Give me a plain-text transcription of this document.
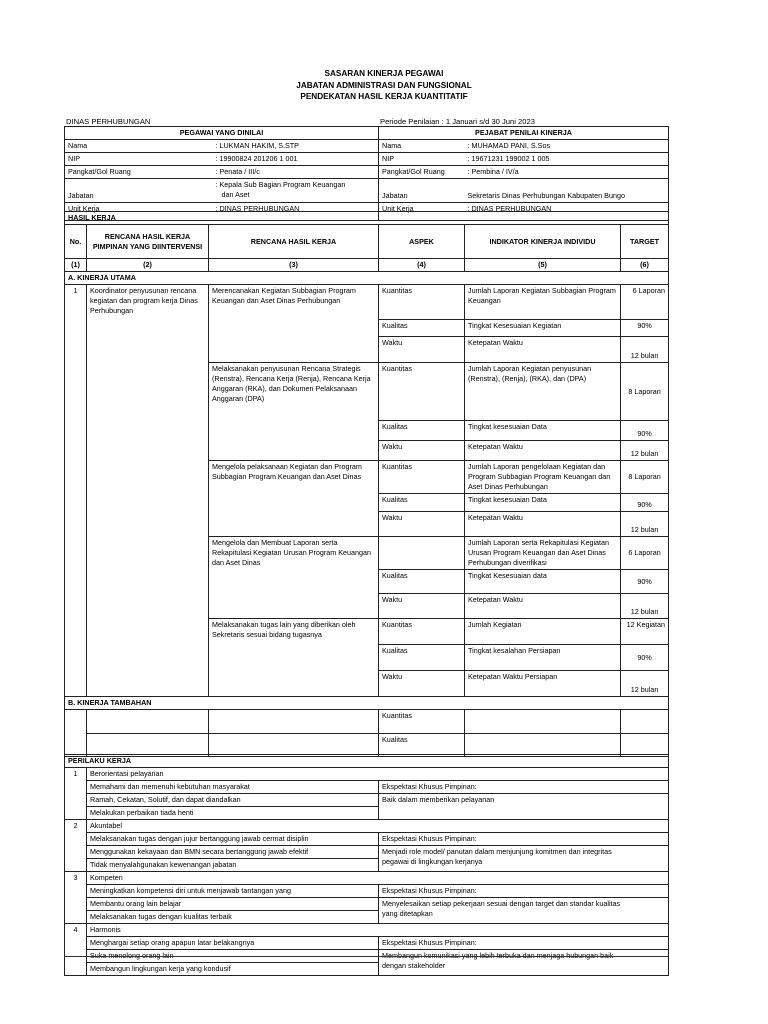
SASARAN KINERJA PEGAWAI
JABATAN ADMINISTRASI DAN FUNGSIONAL
PENDEKATAN HASIL KERJA KUANTITATIF
DINAS PERHUBUNGAN	Periode Penilaian : 1 Januari s/d 30 Juni 2023
PEGAWAI YANG DINILAI		PEJABAT PENILAI KINERJA	
Nama	: LUKMAN HAKIM, S.STP	Nama	: MUHAMAD PANI, S.Sos
NIP	: 19900824 201206 1 001	NIP	: 19671231 199002 1 005
Pangkat/Gol Ruang	: Penata / III/c	Pangkat/Gol Ruang	: Pembina / IV/a
Jabatan	: Kepala Sub Bagian Program Keuangan
dan Aset	Jabatan	Sekretaris Dinas Perhubungan Kabupaten Bungo
Unit Kerja	: DINAS PERHUBUNGAN	Unit Kerja	: DINAS PERHUBUNGAN
HASIL KERJA					
No.	RENCANA HASIL KERJA PIMPINAN YANG DIINTERVENSI	RENCANA HASIL KERJA	ASPEK	INDIKATOR KINERJA INDIVIDU	TARGET
(1)	(2)	(3)	(4)	(5)	(6)
A. KINERJA UTAMA					
1	Koordinator penyusunan rencana kegiatan dan program kerja Dinas Perhubungan	Merencanakan Kegiatan Subbagian Program Keuangan dan Aset Dinas Perhubungan	Kuantitas	Jumlah Laporan Kegiatan Subbagian Program Keuangan	6 Laporan
			Kualitas	Tingkat Kesesuaian Kegiatan	90%
			Waktu	Ketepatan Waktu	12 bulan
		Melaksanakan penyusunan Rencana Strategis (Renstra), Rencana Kerja (Renja), Rencana Kerja Anggaran (RKA), dan Dokumen Pelaksanaan Anggaran (DPA)	Kuantitas	Jumlah Laporan Kegiatan penyusunan (Renstra), (Renja), (RKA), dan (DPA)	8 Laporan
			Kualitas	Tingkat kesesuaian Data	90%
			Waktu	Ketepatan Waktu	12 bulan
		Mengelola pelaksanaan Kegiatan dan Program Subbagian Program Keuangan dan Aset Dinas	Kuantitas	Jumlah Laporan pengelolaan Kegiatan dan Program Subbagian Program Keuangan dan Aset Dinas Perhubungan	8 Laporan
			Kualitas	Tingkat kesesuaian Data	90%
			Waktu	Ketepatan Waktu	12 bulan
		Mengelola dan Membuat Laporan serta Rekapitulasi Kegiatan Urusan Program Keuangan dan Aset Dinas		Jumlah Laporan serta Rekapitulasi Kegiatan Urusan Program Keuangan dan Aset Dinas Perhubungan diverifikasi	6 Laporan
			Kualitas	Tingkat Kesesuaian data	90%
			Waktu	Ketepatan Waktu	12 bulan
		Melaksanakan tugas lain yang diberikan oleh Sekretaris sesuai bidang tugasnya	Kuantitas	Jumlah Kegiatan	12 Kegiatan
			Kualitas	Tingkat kesalahan Persiapan	90%
			Waktu	Ketepatan Waktu Persiapan	12 bulan
B. KINERJA TAMBAHAN					
			Kuantitas		
			Kualitas		
PERILAKU KERJA		
1	Berorientasi pelayanan	
	Memahami dan memenuhi kebutuhan masyarakat	Ekspektasi Khusus Pimpinan:
	Ramah, Cekatan, Solutif, dan dapat diandalkan	Baik dalam memberikan pelayanan
	Melakukan perbaikan tiada henti	
2	Akuntabel	
	Melaksanakan tugas dengan jujur bertanggung jawab cermat disiplin	Ekspektasi Khusus Pimpinan:
	Menggunakan kekayaan dan BMN secara bertanggung jawab efektif	Menjadi role model/ panutan dalam menjunjung komitmen dan integritas
pegawai di lingkungan kerjanya

	Tidak menyalahgunakan kewenangan jabatan	
3	Kompeten	
	Meningkatkan kompetensi diri untuk menjawab tantangan yang	Ekspektasi Khusus Pimpinan:
	Membantu orang lain belajar	Menyelesaikan setiap pekerjaan sesuai dengan target dan standar kualitas
yang ditetapkan

	Melaksanakan tugas dengan kualitas terbaik	
4	Harmonis	
	Menghargai setiap orang apapun latar belakangnya	Ekspektasi Khusus Pimpinan:
	Suka menolong orang lain	Membangun komunikasi yang lebih terbuka dan menjaga hubungan baik
dengan stakeholder

	Membangun lingkungan kerja yang kondusif	
